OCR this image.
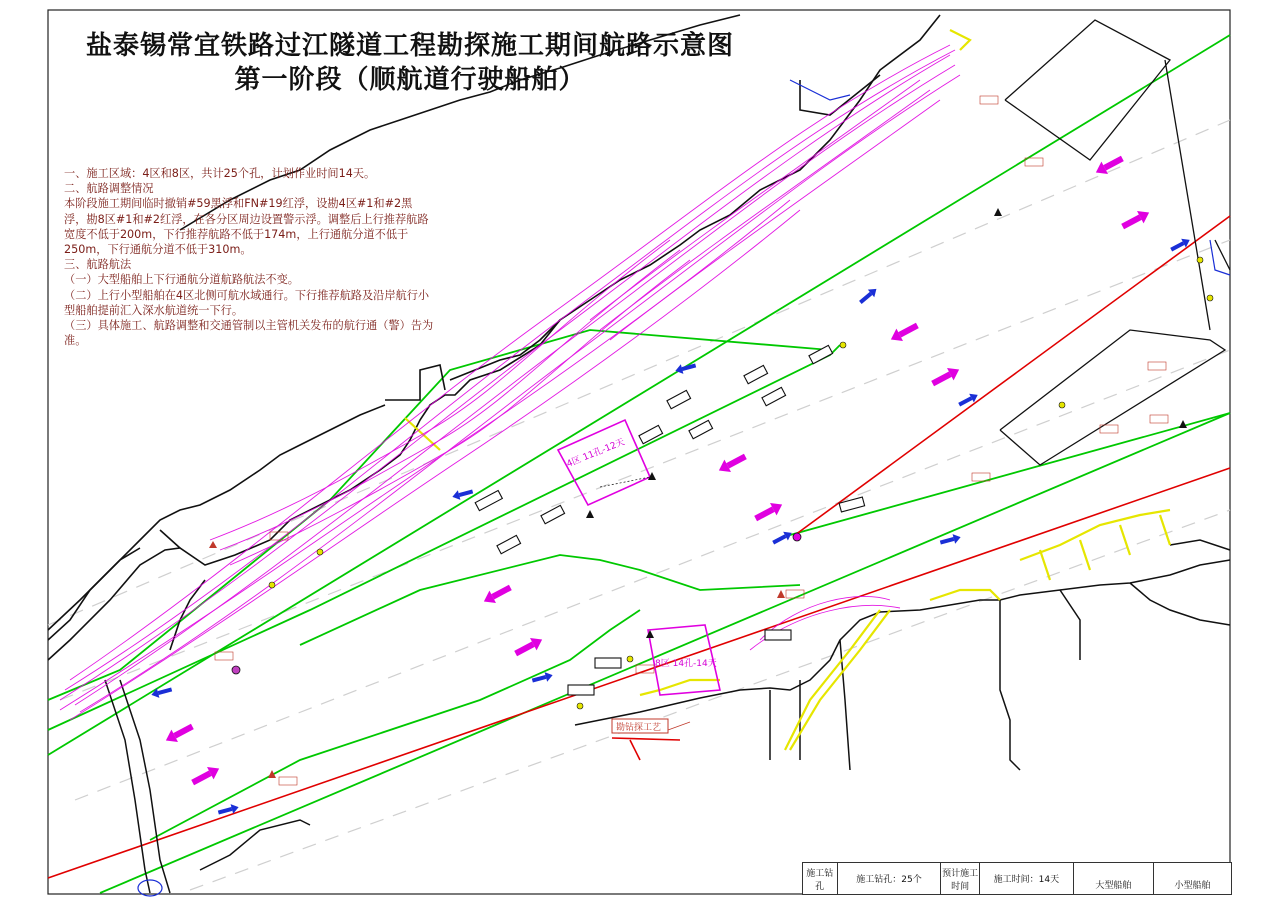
4区 11孔-12天
8区 14孔-14天
勘钻探工艺
盐泰锡常宜铁路过江隧道工程勘探施工期间航路示意图
第一阶段（顺航道行驶船舶）
一、施工区域：4区和8区，共计25个孔，计划作业时间14天。
二、航路调整情况
本阶段施工期间临时撤销#59黑浮和FN#19红浮，设勘4区#1和#2黑浮，勘8区#1和#2红浮，在各分区周边设置警示浮。调整后上行推荐航路宽度不低于200m，下行推荐航路不低于174m，上行通航分道不低于250m，下行通航分道不低于310m。
三、航路航法
（一）大型船舶上下行通航分道航路航法不变。
（二）上行小型船舶在4区北侧可航水域通行。下行推荐航路及沿岸航行小型船舶提前汇入深水航道统一下行。
（三）具体施工、航路调整和交通管制以主管机关发布的航行通（警）告为准。
施工钻孔
施工钻孔：25个
预计施工时间
施工时间：14天
大型船舶	小型船舶
